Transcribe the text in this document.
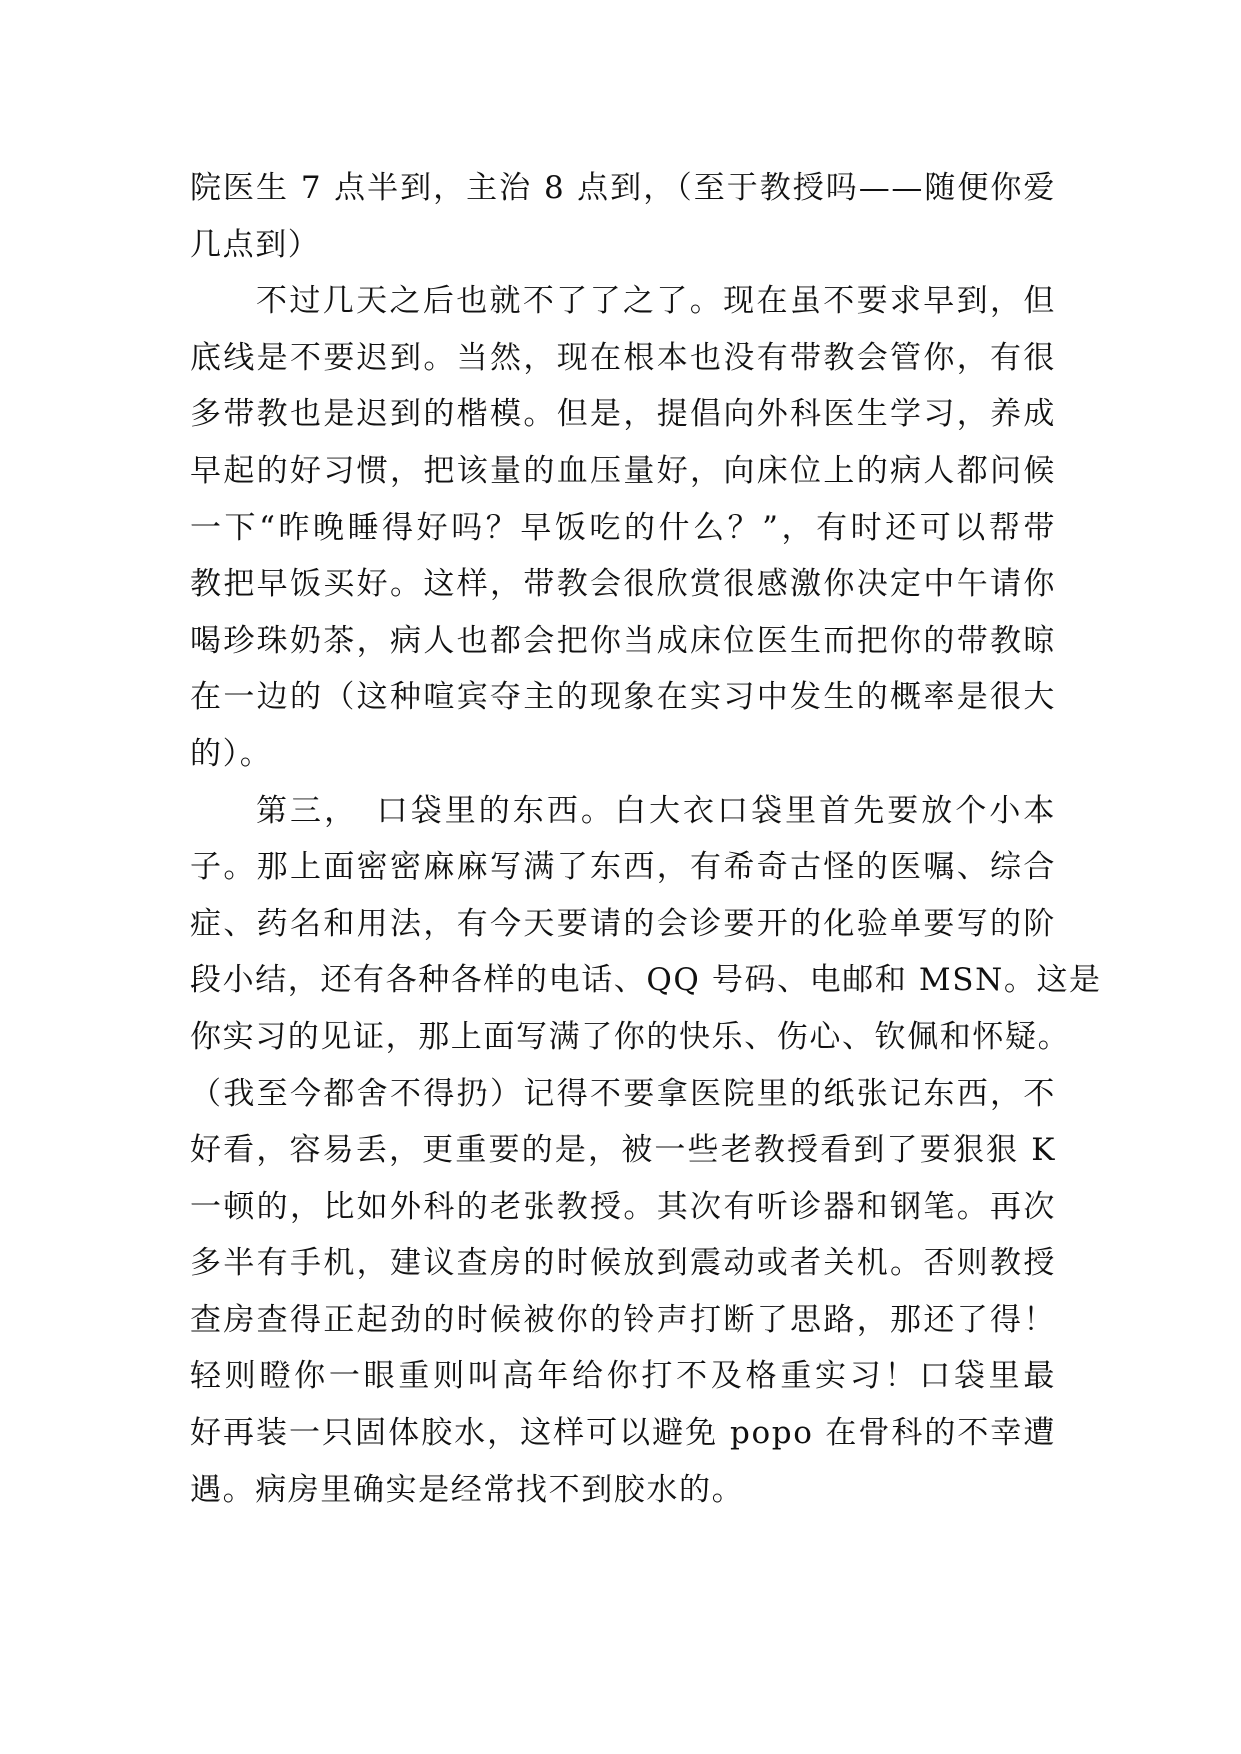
院医生 7 点半到，主治 8 点到，（至于教授吗——随便你爱
几点到）
不过几天之后也就不了了之了。现在虽不要求早到，但
底线是不要迟到。当然，现在根本也没有带教会管你，有很
多带教也是迟到的楷模。但是，提倡向外科医生学习，养成
早起的好习惯，把该量的血压量好，向床位上的病人都问候
一下“昨晚睡得好吗？早饭吃的什么？”，有时还可以帮带
教把早饭买好。这样，带教会很欣赏很感激你决定中午请你
喝珍珠奶茶，病人也都会把你当成床位医生而把你的带教晾
在一边的（这种喧宾夺主的现象在实习中发生的概率是很大
的）。
第三，　口袋里的东西。白大衣口袋里首先要放个小本
子。那上面密密麻麻写满了东西，有希奇古怪的医嘱、综合
症、药名和用法，有今天要请的会诊要开的化验单要写的阶
段小结，还有各种各样的电话、QQ 号码、电邮和 MSN。这是
你实习的见证，那上面写满了你的快乐、伤心、钦佩和怀疑。
（我至今都舍不得扔）记得不要拿医院里的纸张记东西，不
好看，容易丢，更重要的是，被一些老教授看到了要狠狠 K
一顿的，比如外科的老张教授。其次有听诊器和钢笔。再次
多半有手机，建议查房的时候放到震动或者关机。否则教授
查房查得正起劲的时候被你的铃声打断了思路，那还了得！
轻则瞪你一眼重则叫高年给你打不及格重实习！口袋里最
好再装一只固体胶水，这样可以避免 popo 在骨科的不幸遭
遇。病房里确实是经常找不到胶水的。
